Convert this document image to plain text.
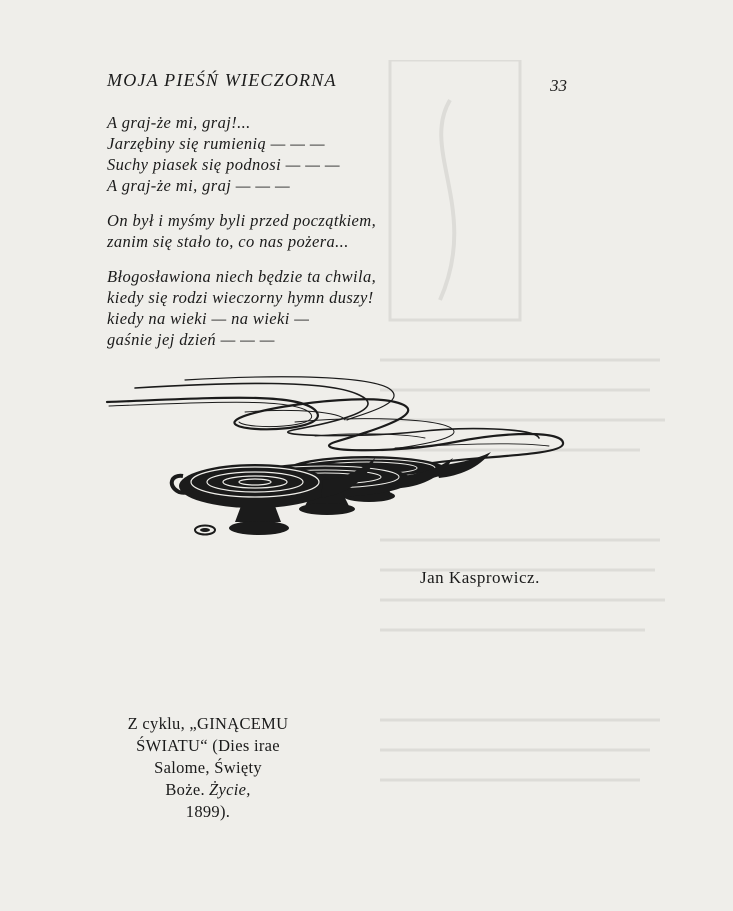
MOJA PIEŚŃ WIECZORNA	33
A graj-że mi, graj!...
Jarzębiny się rumienią — — —
Suchy piasek się podnosi — — —
A graj-że mi, graj — — —
On był i myśmy byli przed początkiem,
zanim się stało to, co nas pożera...
Błogosławiona niech będzie ta chwila,
kiedy się rodzi wieczorny hymn duszy!
kiedy na wieki — na wieki —
gaśnie jej dzień — — —
Jan Kasprowicz.
Z cyklu, „GINĄCEMU
ŚWIATU“ (Dies irae
Salome, Święty
Boże. Życie,
1899).
